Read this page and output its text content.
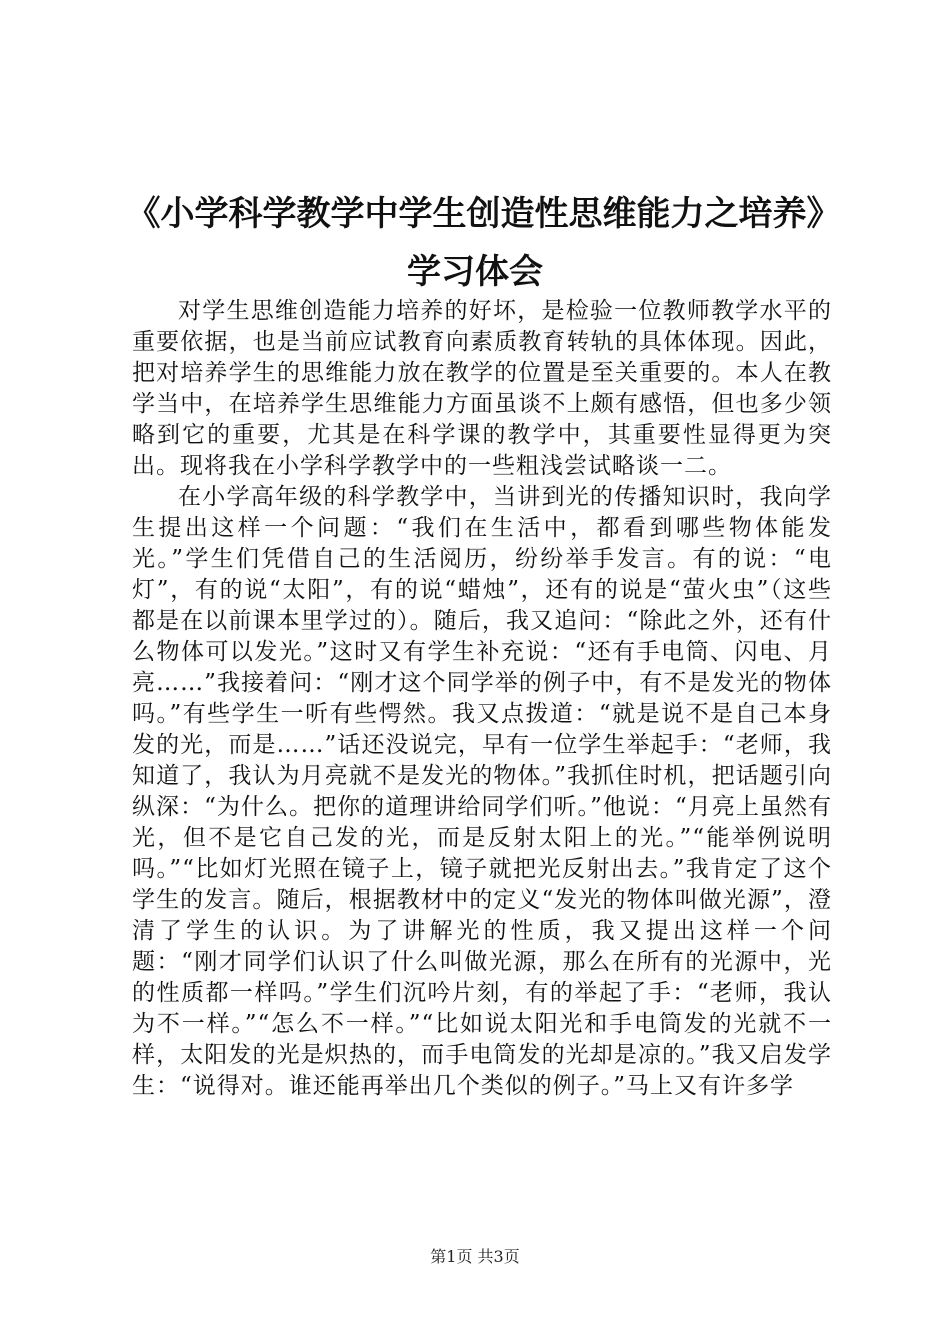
《小学科学教学中学生创造性思维能力之培养》学习体会

对学生思维创造能力培养的好坏，是检验一位教师教学水平的重要依据，也是当前应试教育向素质教育转轨的具体体现。因此，把对培养学生的思维能力放在教学的位置是至关重要的。本人在教学当中，在培养学生思维能力方面虽谈不上颇有感悟，但也多少领略到它的重要，尤其是在科学课的教学中，其重要性显得更为突出。现将我在小学科学教学中的一些粗浅尝试略谈一二。

在小学高年级的科学教学中，当讲到光的传播知识时，我向学生提出这样一个问题：“我们在生活中，都看到哪些物体能发光。”学生们凭借自己的生活阅历，纷纷举手发言。有的说：“电灯”，有的说“太阳”，有的说“蜡烛”，还有的说是“萤火虫”（这些都是在以前课本里学过的）。随后，我又追问：“除此之外，还有什么物体可以发光。”这时又有学生补充说：“还有手电筒、闪电、月亮……”我接着问：“刚才这个同学举的例子中，有不是发光的物体吗。”有些学生一听有些愕然。我又点拨道：“就是说不是自己本身发的光，而是……”话还没说完，早有一位学生举起手：“老师，我知道了，我认为月亮就不是发光的物体。”我抓住时机，把话题引向纵深：“为什么。把你的道理讲给同学们听。”他说：“月亮上虽然有光，但不是它自己发的光，而是反射太阳上的光。”“能举例说明吗。”“比如灯光照在镜子上，镜子就把光反射出去。”我肯定了这个学生的发言。随后，根据教材中的定义“发光的物体叫做光源”，澄清了学生的认识。为了讲解光的性质，我又提出这样一个问题：“刚才同学们认识了什么叫做光源，那么在所有的光源中，光的性质都一样吗。”学生们沉吟片刻，有的举起了手：“老师，我认为不一样。”“怎么不一样。”“比如说太阳光和手电筒发的光就不一样，太阳发的光是炽热的，而手电筒发的光却是凉的。”我又启发学生：“说得对。谁还能再举出几个类似的例子。”马上又有许多学

第1页 共3页
